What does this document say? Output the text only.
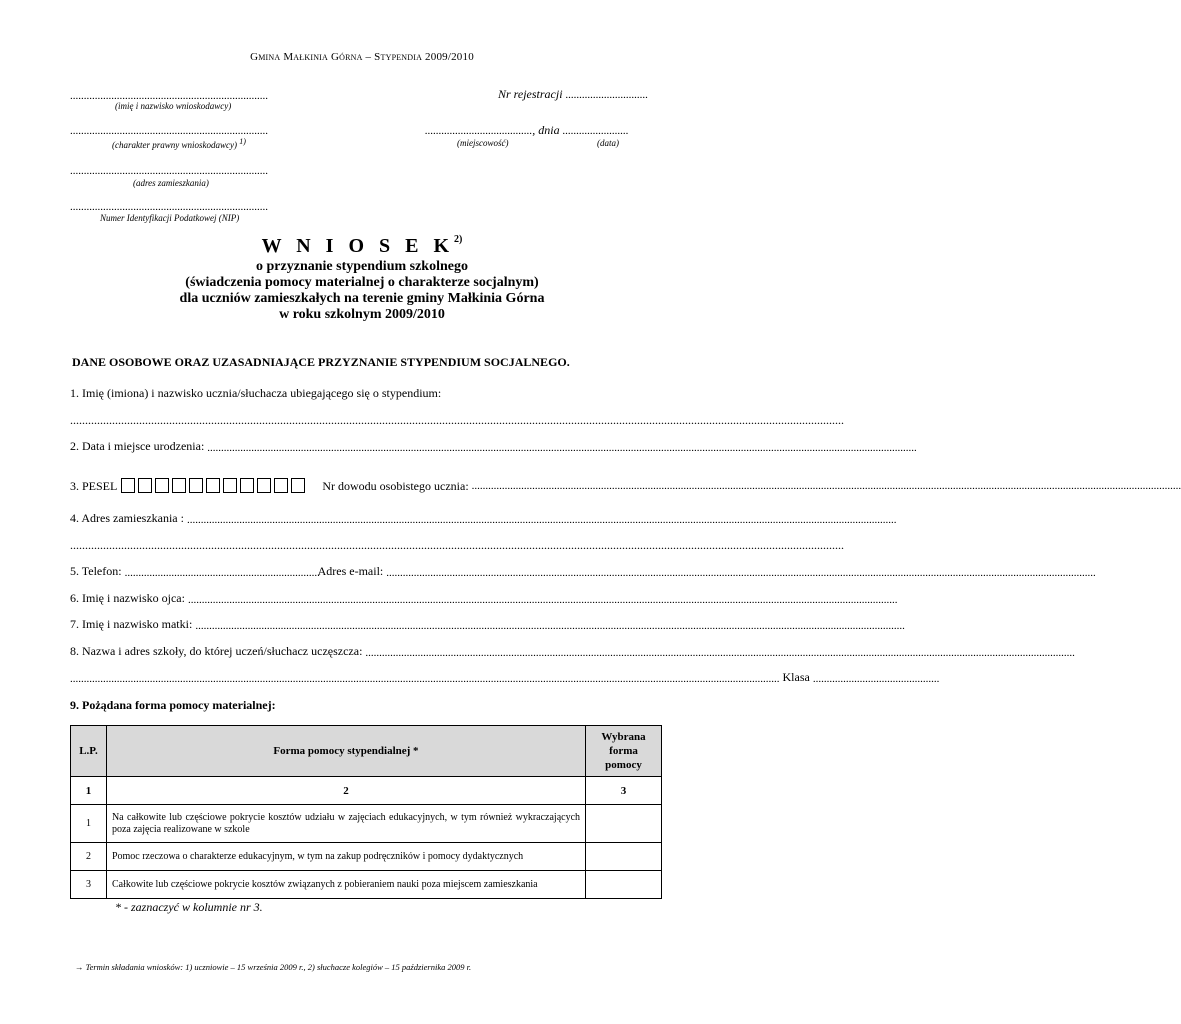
Gmina Małkinia Górna – Stypendia 2009/2010
........................................................................
(imię i nazwisko wnioskodawcy)
........................................................................
(charakter prawny wnioskodawcy) $^{1)}$
........................................................................
(adres zamieszkania)
........................................................................
Numer Identyfikacji Podatkowej (NIP)
Nr rejestracji ..............................
......................................., dnia ........................
(miejscowość)	(data)
W N I O S E $K^{2)}$
o przyznanie stypendium szkolnego
(świadczenia pomocy materialnej o charakterze socjalnym)
dla uczniów zamieszkałych na terenie gminy Małkinia Górna
w roku szkolnym 2009/2010
DANE OSOBOWE ORAZ UZASADNIAJĄCE PRZYZNANIE STYPENDIUM SOCJALNEGO.
1. Imię (imiona) i nazwisko ucznia/słuchacza ubiegającego się o stypendium:
..................................................................................................................................................................................................................................................................
2. Data i miejsce urodzenia:
..................................................................................................................................................................................................................................................................
3. PESEL	Nr dowodu osobistego ucznia:
..................................................................................................................................................................................................................................................................
4. Adres zamieszkania :
..................................................................................................................................................................................................................................................................
..................................................................................................................................................................................................................................................................
5. Telefon:
.......................................................................
Adres e-mail:
..................................................................................................................................................................................................................................................................
6. Imię i nazwisko ojca:
..................................................................................................................................................................................................................................................................
7. Imię i nazwisko matki:
..................................................................................................................................................................................................................................................................
8. Nazwa i adres szkoły, do której uczeń/słuchacz uczęszcza:
..................................................................................................................................................................................................................................................................
..................................................................................................................................................................................................................................................................
Klasa
..............................................
9. Pożądana forma pomocy materialnej:
L.P.	Forma pomocy stypendialnej *	Wybrana forma pomocy
1	2	3
1	Na całkowite lub częściowe pokrycie kosztów udziału w zajęciach edukacyjnych, w tym również wykraczających poza zajęcia realizowane w szkole	
2	Pomoc rzeczowa o charakterze edukacyjnym, w tym na zakup podręczników i pomocy dydaktycznych	
3	Całkowite lub częściowe pokrycie kosztów związanych z pobieraniem nauki poza miejscem zamieszkania	
* - zaznaczyć w kolumnie nr 3.
→ Termin składania wniosków: 1) uczniowie – 15 września 2009 r., 2) słuchacze kolegiów – 15 października 2009 r.
